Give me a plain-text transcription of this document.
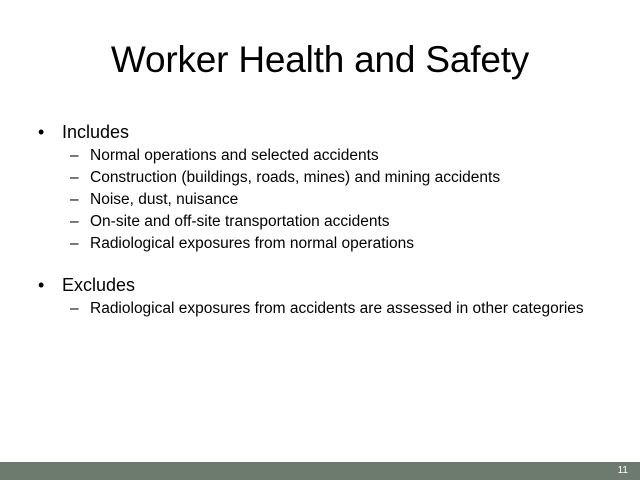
Worker Health and Safety
• Includes
– Normal operations and selected accidents
– Construction (buildings, roads, mines) and mining accidents
– Noise, dust, nuisance
– On-site and off-site transportation accidents
– Radiological exposures from normal operations
• Excludes
– Radiological exposures from accidents are assessed in other categories
11
